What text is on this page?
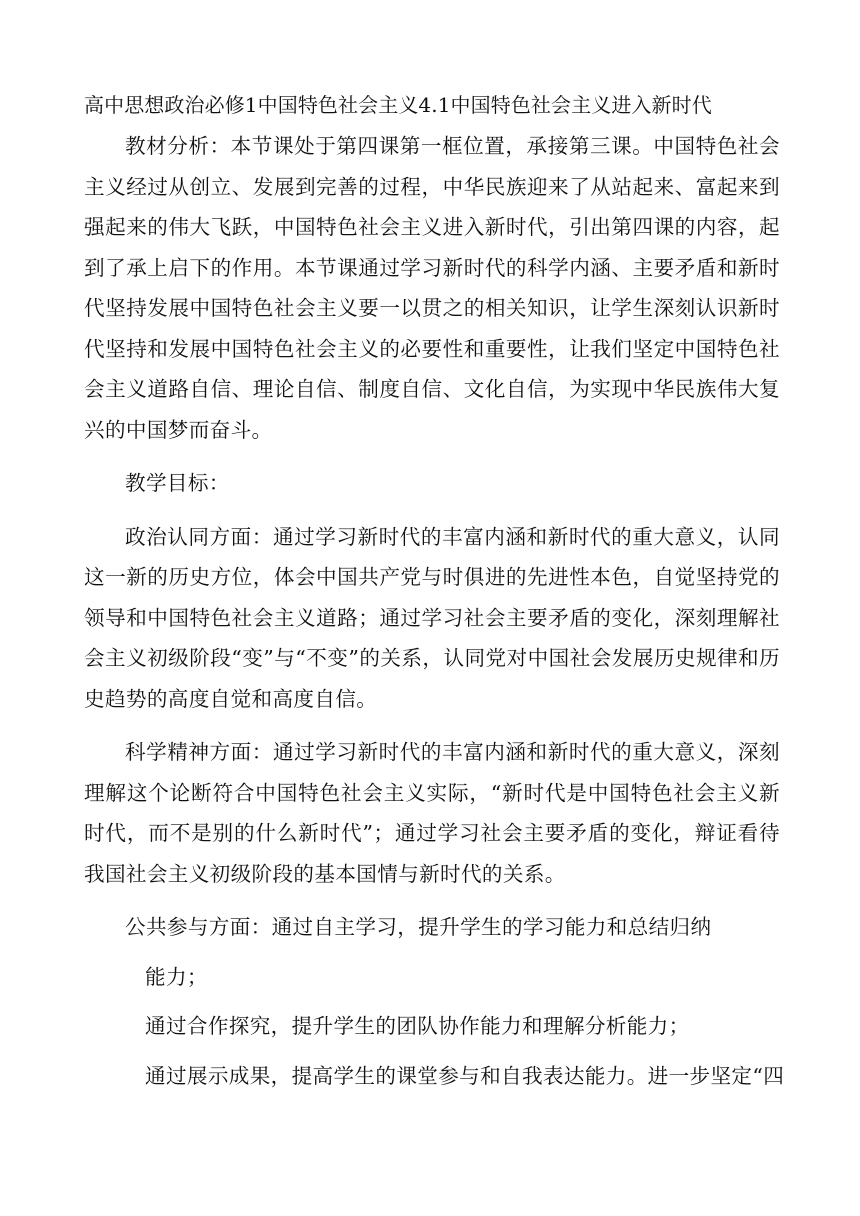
高中思想政治必修1中国特色社会主义4.1中国特色社会主义进入新时代

教材分析：本节课处于第四课第一框位置，承接第三课。中国特色社会主义经过从创立、发展到完善的过程，中华民族迎来了从站起来、富起来到强起来的伟大飞跃，中国特色社会主义进入新时代，引出第四课的内容，起到了承上启下的作用。本节课通过学习新时代的科学内涵、主要矛盾和新时代坚持发展中国特色社会主义要一以贯之的相关知识，让学生深刻认识新时代坚持和发展中国特色社会主义的必要性和重要性，让我们坚定中国特色社会主义道路自信、理论自信、制度自信、文化自信，为实现中华民族伟大复兴的中国梦而奋斗。

教学目标：

政治认同方面：通过学习新时代的丰富内涵和新时代的重大意义，认同这一新的历史方位，体会中国共产党与时俱进的先进性本色，自觉坚持党的领导和中国特色社会主义道路；通过学习社会主要矛盾的变化，深刻理解社会主义初级阶段“变”与“不变”的关系，认同党对中国社会发展历史规律和历史趋势的高度自觉和高度自信。

科学精神方面：通过学习新时代的丰富内涵和新时代的重大意义，深刻理解这个论断符合中国特色社会主义实际，“新时代是中国特色社会主义新时代，而不是别的什么新时代”；通过学习社会主要矛盾的变化，辩证看待我国社会主义初级阶段的基本国情与新时代的关系。

公共参与方面：通过自主学习，提升学生的学习能力和总结归纳

能力；

通过合作探究，提升学生的团队协作能力和理解分析能力；

通过展示成果，提高学生的课堂参与和自我表达能力。进一步坚定“四
